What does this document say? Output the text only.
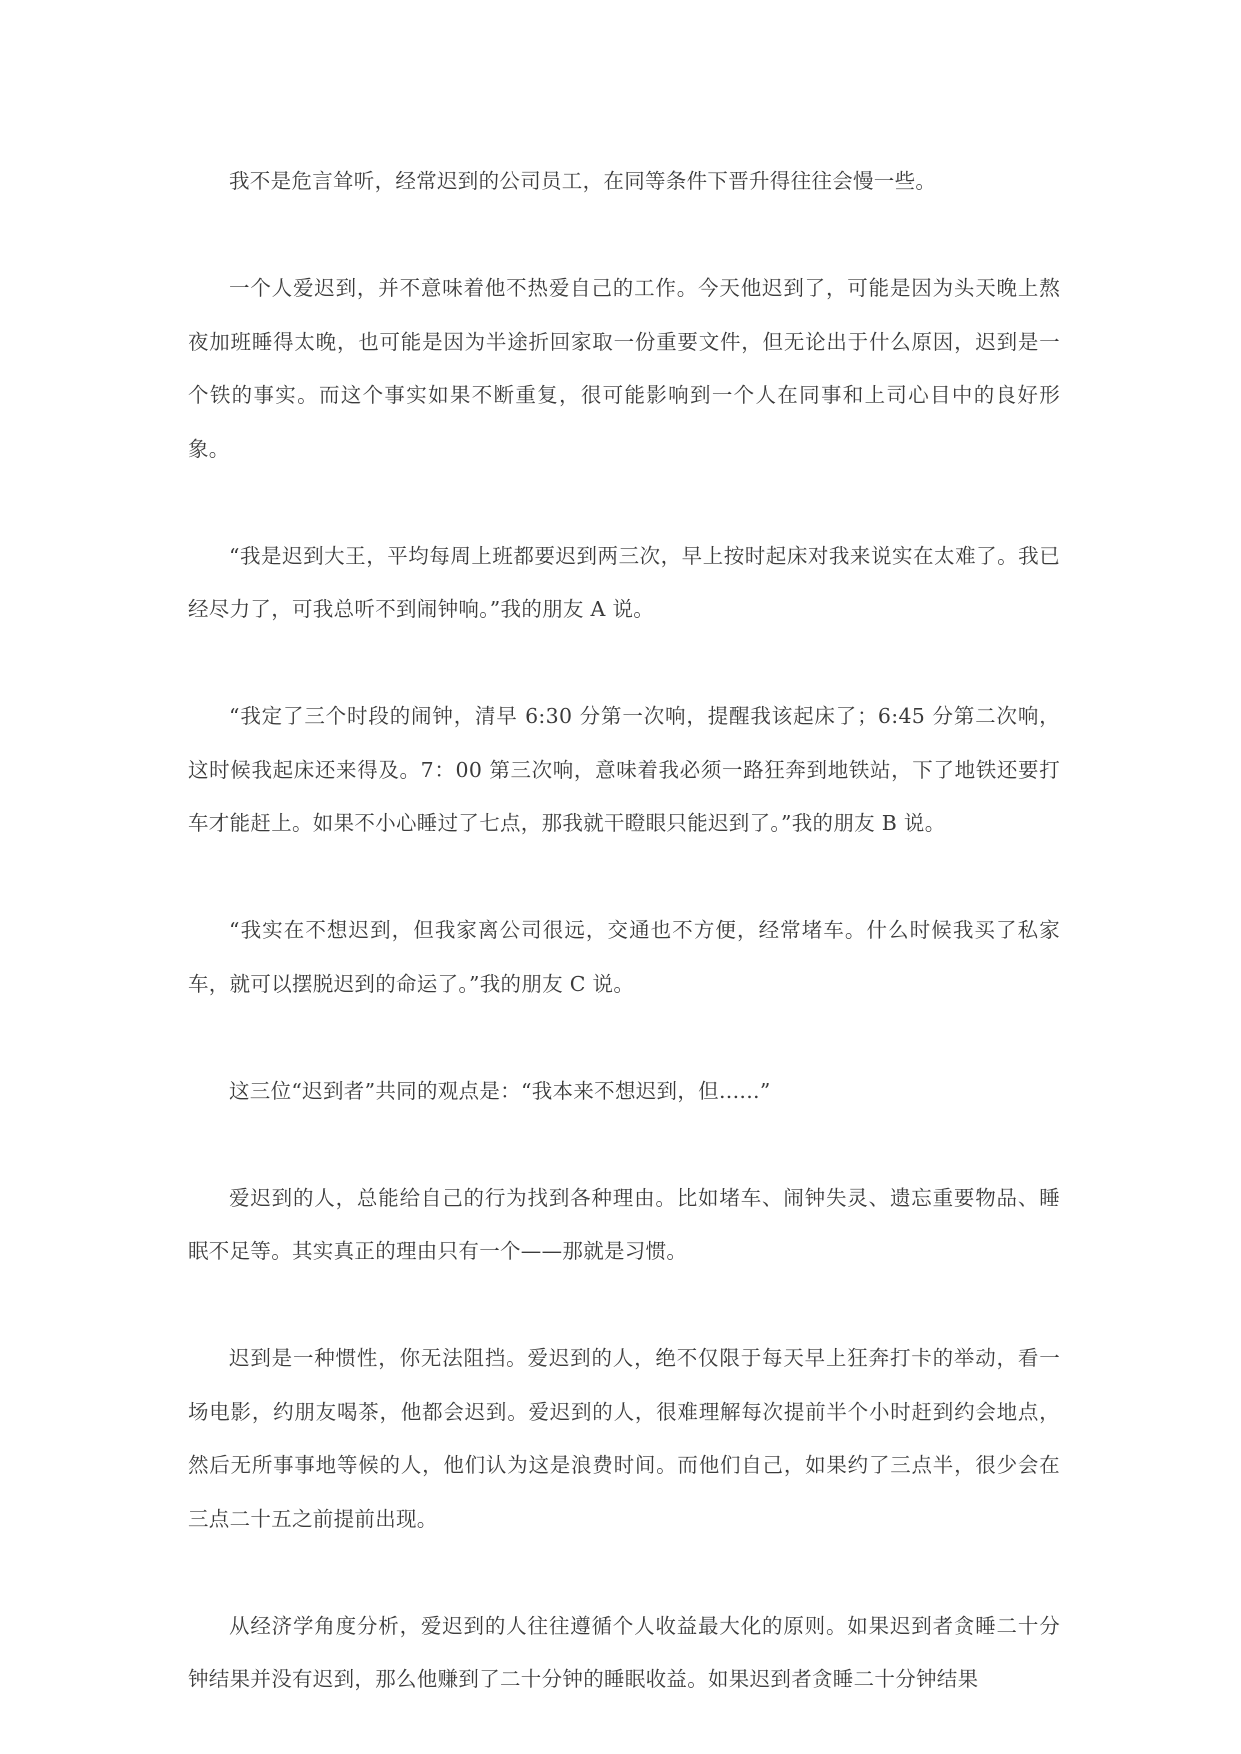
我不是危言耸听，经常迟到的公司员工，在同等条件下晋升得往往会慢一些。

一个人爱迟到，并不意味着他不热爱自己的工作。今天他迟到了，可能是因为头天晚上熬夜加班睡得太晚，也可能是因为半途折回家取一份重要文件，但无论出于什么原因，迟到是一个铁的事实。而这个事实如果不断重复，很可能影响到一个人在同事和上司心目中的良好形象。

“我是迟到大王，平均每周上班都要迟到两三次，早上按时起床对我来说实在太难了。我已经尽力了，可我总听不到闹钟响。”我的朋友 A 说。

“我定了三个时段的闹钟，清早 6:30 分第一次响，提醒我该起床了；6:45 分第二次响，这时候我起床还来得及。7：00 第三次响，意味着我必须一路狂奔到地铁站，下了地铁还要打车才能赶上。如果不小心睡过了七点，那我就干瞪眼只能迟到了。”我的朋友 B 说。

“我实在不想迟到，但我家离公司很远，交通也不方便，经常堵车。什么时候我买了私家车，就可以摆脱迟到的命运了。”我的朋友 C 说。

这三位“迟到者”共同的观点是：“我本来不想迟到，但......”

爱迟到的人，总能给自己的行为找到各种理由。比如堵车、闹钟失灵、遗忘重要物品、睡眠不足等。其实真正的理由只有一个——那就是习惯。

迟到是一种惯性，你无法阻挡。爱迟到的人，绝不仅限于每天早上狂奔打卡的举动，看一场电影，约朋友喝茶，他都会迟到。爱迟到的人，很难理解每次提前半个小时赶到约会地点，然后无所事事地等候的人，他们认为这是浪费时间。而他们自己，如果约了三点半，很少会在三点二十五之前提前出现。

从经济学角度分析，爱迟到的人往往遵循个人收益最大化的原则。如果迟到者贪睡二十分钟结果并没有迟到，那么他赚到了二十分钟的睡眠收益。如果迟到者贪睡二十分钟结果
